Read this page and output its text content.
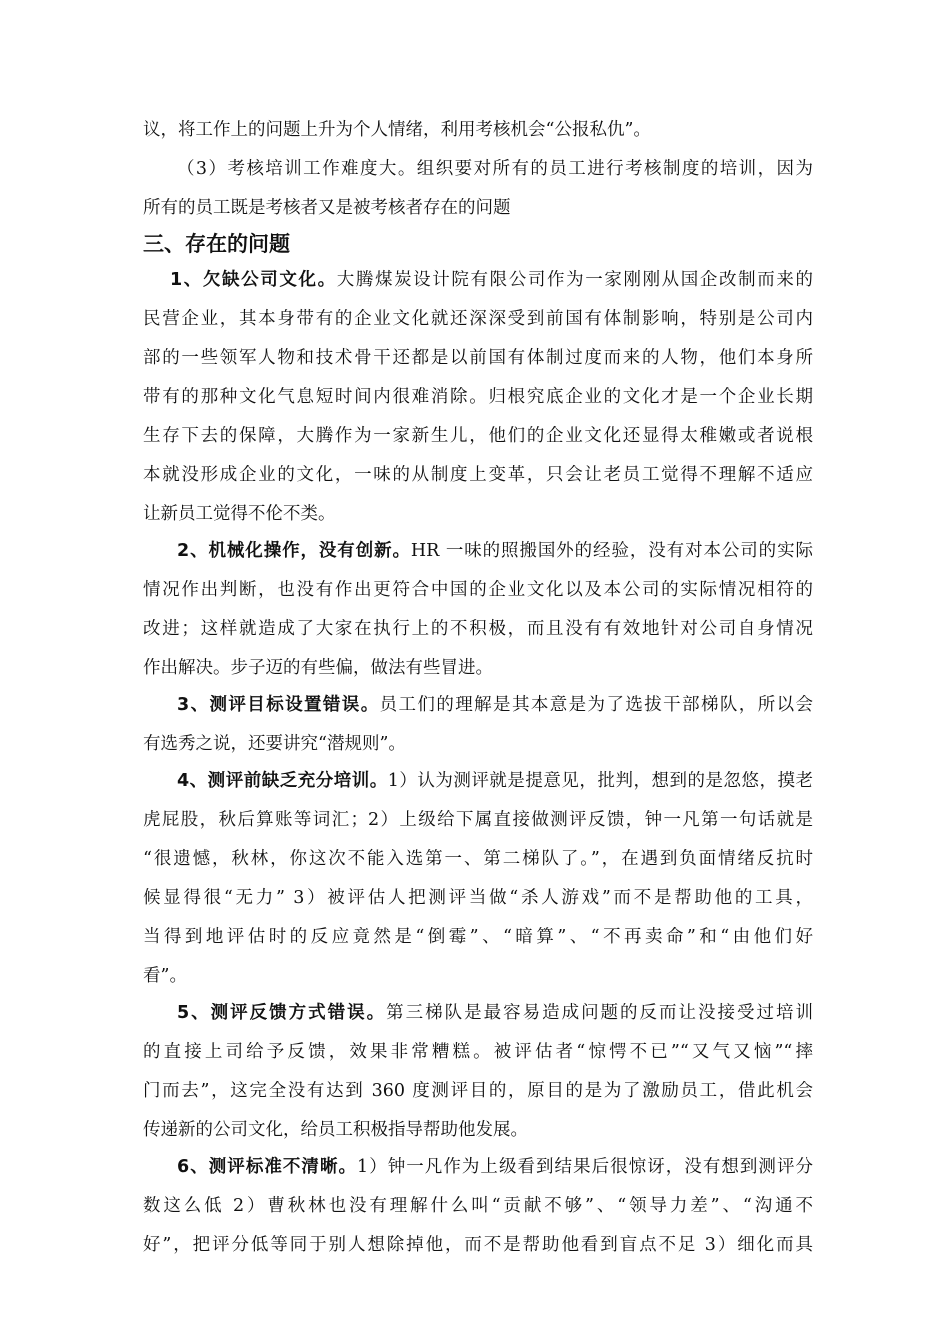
议，将工作上的问题上升为个人情绪，利用考核机会“公报私仇”。
（3）考核培训工作难度大。组织要对所有的员工进行考核制度的培训，因为
所有的员工既是考核者又是被考核者存在的问题
三、存在的问题
1、欠缺公司文化。大腾煤炭设计院有限公司作为一家刚刚从国企改制而来的
民营企业，其本身带有的企业文化就还深深受到前国有体制影响，特别是公司内
部的一些领军人物和技术骨干还都是以前国有体制过度而来的人物，他们本身所
带有的那种文化气息短时间内很难消除。归根究底企业的文化才是一个企业长期
生存下去的保障，大腾作为一家新生儿，他们的企业文化还显得太稚嫩或者说根
本就没形成企业的文化，一味的从制度上变革，只会让老员工觉得不理解不适应
让新员工觉得不伦不类。
2、机械化操作，没有创新。HR 一味的照搬国外的经验，没有对本公司的实际
情况作出判断，也没有作出更符合中国的企业文化以及本公司的实际情况相符的
改进；这样就造成了大家在执行上的不积极，而且没有有效地针对公司自身情况
作出解决。步子迈的有些偏，做法有些冒进。
3、测评目标设置错误。员工们的理解是其本意是为了选拔干部梯队，所以会
有选秀之说，还要讲究“潜规则”。
4、测评前缺乏充分培训。1）认为测评就是提意见，批判，想到的是忽悠，摸老
虎屁股，秋后算账等词汇；2）上级给下属直接做测评反馈，钟一凡第一句话就是
“很遗憾，秋林，你这次不能入选第一、第二梯队了。”，在遇到负面情绪反抗时
候显得很“无力” 3）被评估人把测评当做“杀人游戏”而不是帮助他的工具，
当得到地评估时的反应竟然是“倒霉”、“暗算”、“不再卖命”和“由他们好
看”。
5、测评反馈方式错误。第三梯队是最容易造成问题的反而让没接受过培训
的直接上司给予反馈，效果非常糟糕。被评估者“惊愕不已”“又气又恼”“摔
门而去”，这完全没有达到 360 度测评目的，原目的是为了激励员工，借此机会
传递新的公司文化，给员工积极指导帮助他发展。
6、测评标准不清晰。1）钟一凡作为上级看到结果后很惊讶，没有想到测评分
数这么低 2）曹秋林也没有理解什么叫“贡献不够”、“领导力差”、“沟通不
好”，把评分低等同于别人想除掉他，而不是帮助他看到盲点不足 3）细化而具
